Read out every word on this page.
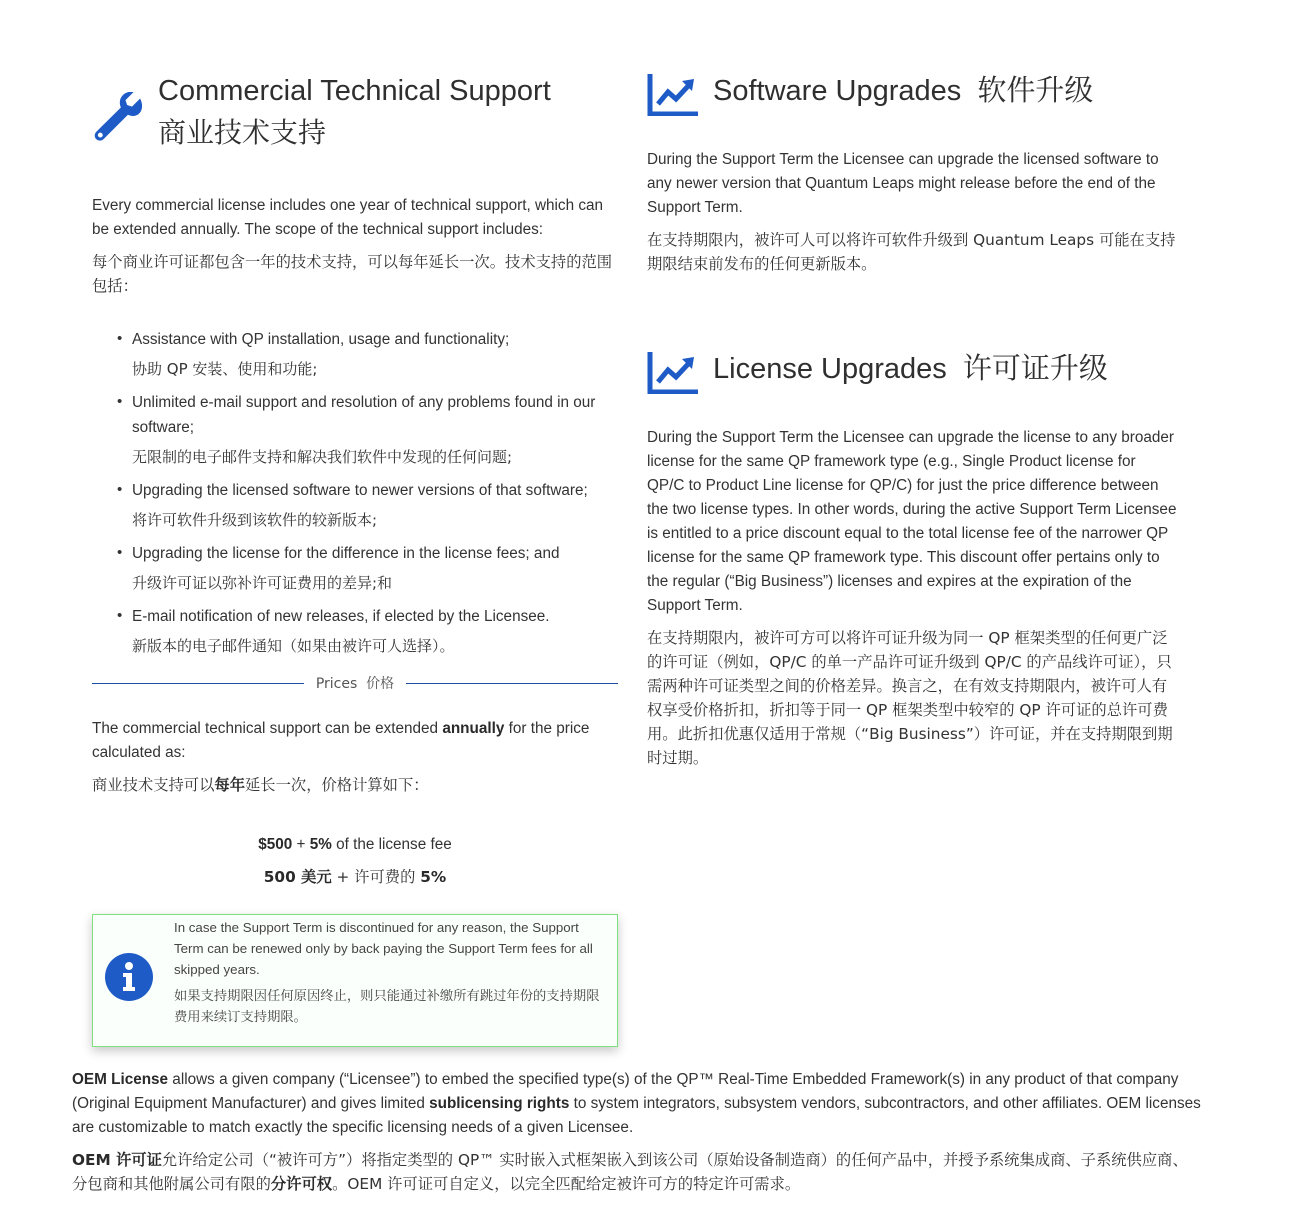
Commercial Technical Support
商业技术支持

Every commercial license includes one year of technical support, which can be extended annually. The scope of the technical support includes:

每个商业许可证都包含一年的技术支持，可以每年延长一次。技术支持的范围包括：

• Assistance with QP installation, usage and functionality;
协助 QP 安装、使用和功能;
• Unlimited e-mail support and resolution of any problems found in our software;
无限制的电子邮件支持和解决我们软件中发现的任何问题;
• Upgrading the licensed software to newer versions of that software;
将许可软件升级到该软件的较新版本;
• Upgrading the license for the difference in the license fees; and
升级许可证以弥补许可证费用的差异;和
• E-mail notification of new releases, if elected by the Licensee.
新版本的电子邮件通知（如果由被许可人选择）。
Prices  价格

The commercial technical support can be extended annually for the price calculated as:

商业技术支持可以每年延长一次，价格计算如下：

$500 + 5% of the license fee
500 美元 + 许可费的 5%

In case the Support Term is discontinued for any reason, the Support Term can be renewed only by back paying the Support Term fees for all skipped years.

如果支持期限因任何原因终止，则只能通过补缴所有跳过年份的支持期限费用来续订支持期限。

Software Upgrades  软件升级

During the Support Term the Licensee can upgrade the licensed software to any newer version that Quantum Leaps might release before the end of the Support Term.

在支持期限内，被许可人可以将许可软件升级到 Quantum Leaps 可能在支持期限结束前发布的任何更新版本。

License Upgrades  许可证升级

During the Support Term the Licensee can upgrade the license to any broader license for the same QP framework type (e.g., Single Product license for QP/C to Product Line license for QP/C) for just the price difference between the two license types. In other words, during the active Support Term Licensee is entitled to a price discount equal to the total license fee of the narrower QP license for the same QP framework type. This discount offer pertains only to the regular (“Big Business”) licenses and expires at the expiration of the Support Term.

在支持期限内，被许可方可以将许可证升级为同一 QP 框架类型的任何更广泛的许可证（例如，QP/C 的单一产品许可证升级到 QP/C 的产品线许可证），只需两种许可证类型之间的价格差异。换言之，在有效支持期限内，被许可人有权享受价格折扣，折扣等于同一 QP 框架类型中较窄的 QP 许可证的总许可费用。此折扣优惠仅适用于常规（“Big Business”）许可证，并在支持期限到期时过期。

OEM License allows a given company (“Licensee”) to embed the specified type(s) of the QP™ Real-Time Embedded Framework(s) in any product of that company (Original Equipment Manufacturer) and gives limited sublicensing rights to system integrators, subsystem vendors, subcontractors, and other affiliates. OEM licenses are customizable to match exactly the specific licensing needs of a given Licensee.

OEM 许可证允许给定公司（“被许可方”）将指定类型的 QP™ 实时嵌入式框架嵌入到该公司（原始设备制造商）的任何产品中，并授予系统集成商、子系统供应商、分包商和其他附属公司有限的分许可权。OEM 许可证可自定义，以完全匹配给定被许可方的特定许可需求。
